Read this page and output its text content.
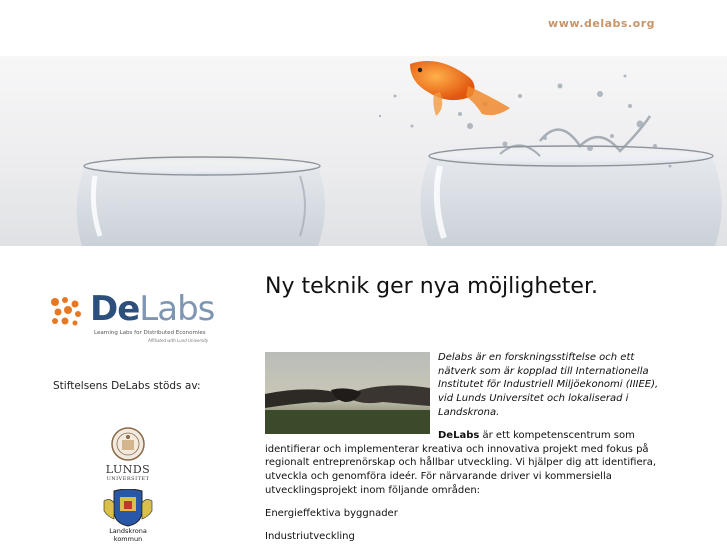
www.delabs.org
DeLabs
Learning Labs for Distributed Economies
Affiliated with Lund University
Stiftelsens DeLabs stöds av:
LUNDS
UNIVERSITET
Landskrona
kommun
Ny teknik ger nya möjligheter.
Delabs är en forskningsstiftelse och ett nätverk som är kopplad till Internationella Institutet för Industriell Miljöekonomi (IIIEE), vid Lunds Universitet och lokaliserad i Landskrona.
DeLabs är ett kompetenscentrum som identifierar och implementerar kreativa och innovativa projekt med fokus på regionalt entreprenörskap och hållbar utveckling. Vi hjälper dig att identifiera, utveckla och genomföra ideér. För närvarande driver vi kommersiella utvecklingsprojekt inom följande områden:
Energieffektiva byggnader
Industriutveckling
